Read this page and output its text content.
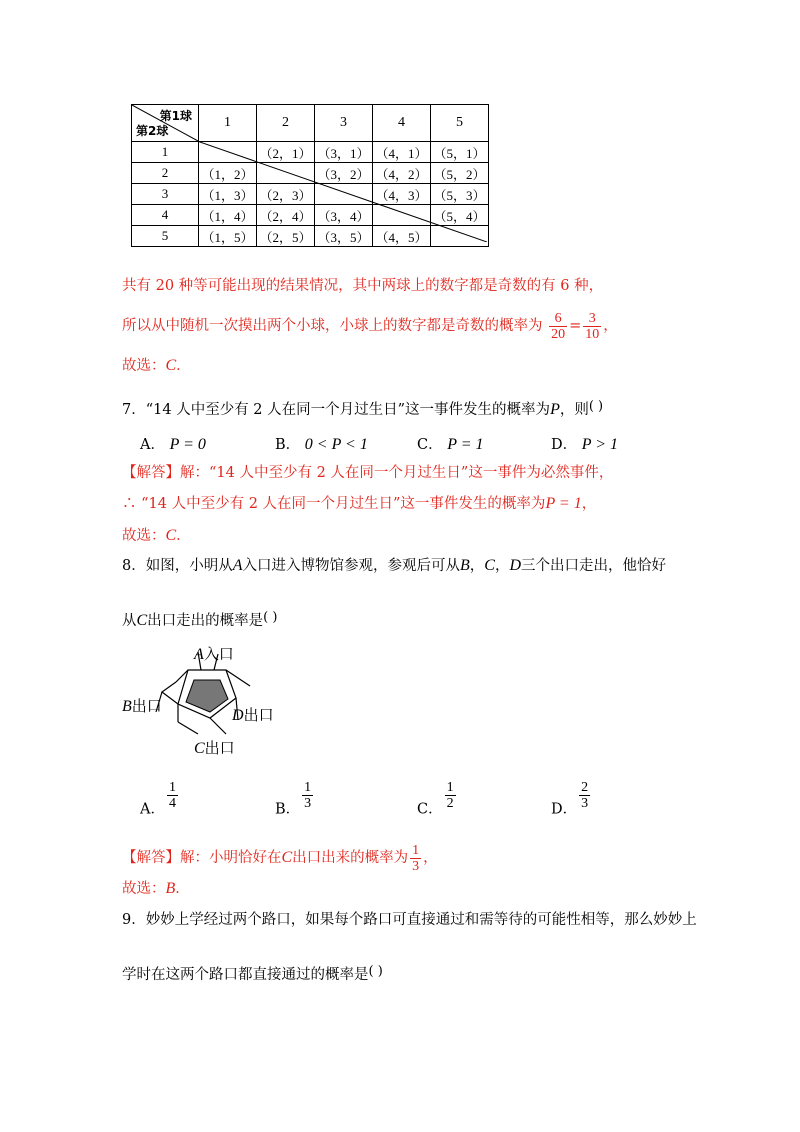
第1球
第2球	1	2	3	4	5
1		（2，1）	（3，1）	（4，1）	（5，1）
2	（1，2）		（3，2）	（4，2）	（5，2）
3	（1，3）	（2，3）		（4，3）	（5，3）
4	（1，4）	（2，4）	（3，4）		（5，4）
5	（1，5）	（2，5）	（3，5）	（4，5）	
共有 20 种等可能出现的结果情况，其中两球上的数字都是奇数的有 6 种，
所以从中随机一次摸出两个小球，小球上的数字都是奇数的概率为 $\frac{6}{20} = \frac{3}{10}$ ，
故选：C．
7．“14 人中至少有 2 人在同一个月过生日”这一事件发生的概率为P，则( )
A． P = 0	B． 0 < P < 1	C． P = 1	D． P > 1
【解答】解：“14 人中至少有 2 人在同一个月过生日”这一事件为必然事件，
∴ “14 人中至少有 2 人在同一个月过生日”这一事件发生的概率为P = 1，
故选：C．
8．如图，小明从A入口进入博物馆参观，参观后可从B，C，D三个出口走出，他恰好
从C出口走出的概率是( )
A入口
B出口
D出口
C出口
A． $\frac{1}{4}$	B． $\frac{1}{3}$	C． $\frac{1}{2}$	D． $\frac{2}{3}$
【解答】解：小明恰好在C出口出来的概率为 $\frac{1}{3}$ ，
故选：B．
9．妙妙上学经过两个路口，如果每个路口可直接通过和需等待的可能性相等，那么妙妙上
学时在这两个路口都直接通过的概率是( )
